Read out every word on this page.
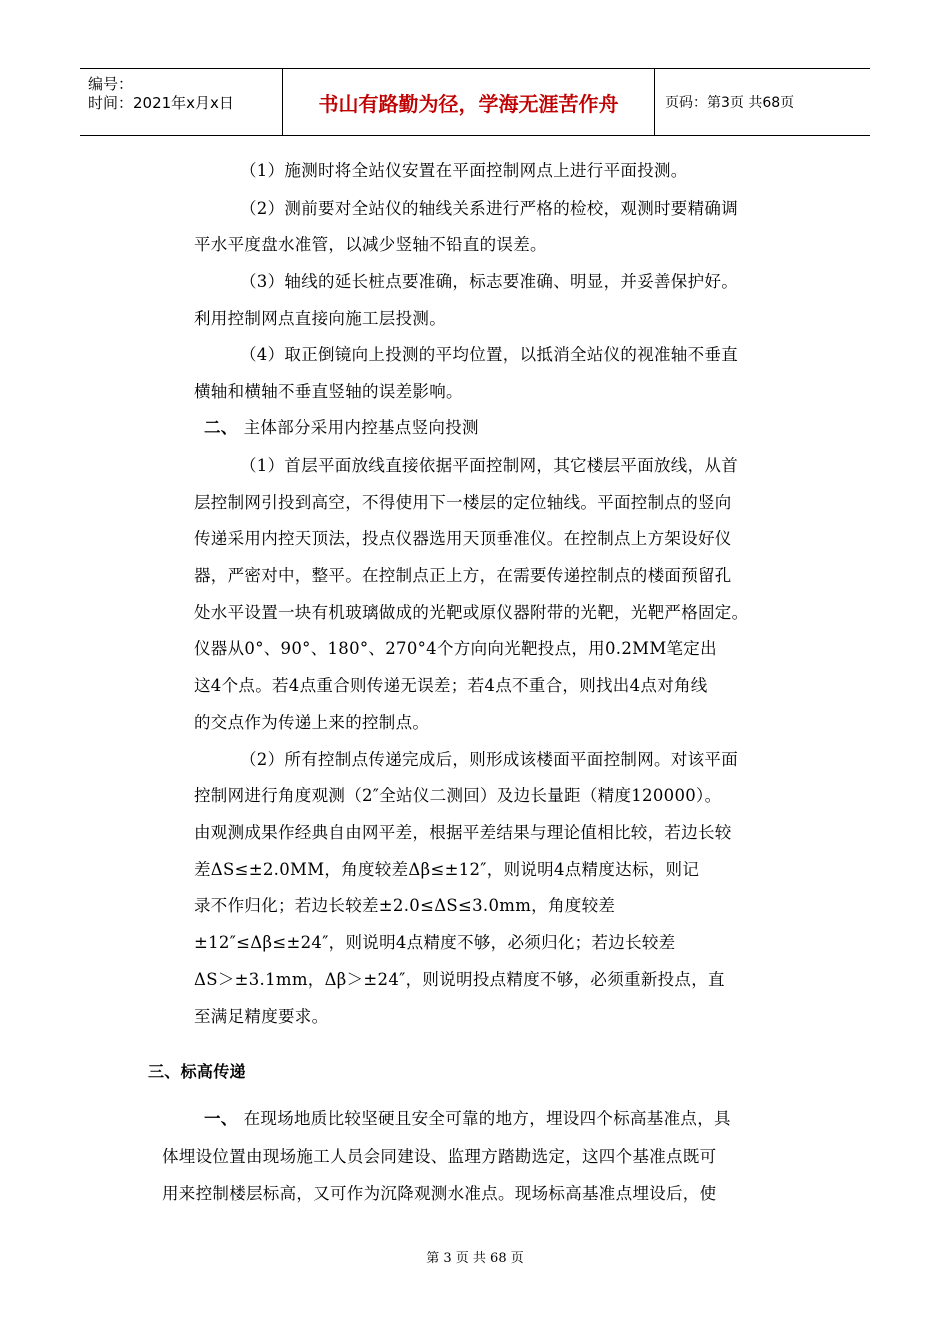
编号：
时间：2021年x月x日	书山有路勤为径，学海无涯苦作舟	页码：第3页 共68页
（1）施测时将全站仪安置在平面控制网点上进行平面投测。
（2）测前要对全站仪的轴线关系进行严格的检校，观测时要精确调
平水平度盘水准管，以减少竖轴不铅直的误差。
（3）轴线的延长桩点要准确，标志要准确、明显，并妥善保护好。
利用控制网点直接向施工层投测。
（4）取正倒镜向上投测的平均位置，以抵消全站仪的视准轴不垂直
横轴和横轴不垂直竖轴的误差影响。
二、 主体部分采用内控基点竖向投测
（1）首层平面放线直接依据平面控制网，其它楼层平面放线，从首
层控制网引投到高空，不得使用下一楼层的定位轴线。平面控制点的竖向
传递采用内控天顶法，投点仪器选用天顶垂准仪。在控制点上方架设好仪
器，严密对中，整平。在控制点正上方，在需要传递控制点的楼面预留孔
处水平设置一块有机玻璃做成的光靶或原仪器附带的光靶，光靶严格固定。
仪器从0°、90°、180°、270°4个方向向光靶投点，用0.2MM笔定出
这4个点。若4点重合则传递无误差；若4点不重合，则找出4点对角线
的交点作为传递上来的控制点。
（2）所有控制点传递完成后，则形成该楼面平面控制网。对该平面
控制网进行角度观测（2″全站仪二测回）及边长量距（精度120000）。
由观测成果作经典自由网平差，根据平差结果与理论值相比较，若边长较
差ΔS≤±2.0MM，角度较差Δβ≤±12″，则说明4点精度达标，则记
录不作归化；若边长较差±2.0≤ΔS≤3.0mm，角度较差
±12″≤Δβ≤±24″，则说明4点精度不够，必须归化；若边长较差
ΔS＞±3.1mm，Δβ＞±24″，则说明投点精度不够，必须重新投点，直
至满足精度要求。
三、标高传递
一、 在现场地质比较坚硬且安全可靠的地方，埋设四个标高基准点，具
体埋设位置由现场施工人员会同建设、监理方踏勘选定，这四个基准点既可
用来控制楼层标高，又可作为沉降观测水准点。现场标高基准点埋设后，使
第 3 页 共 68 页
